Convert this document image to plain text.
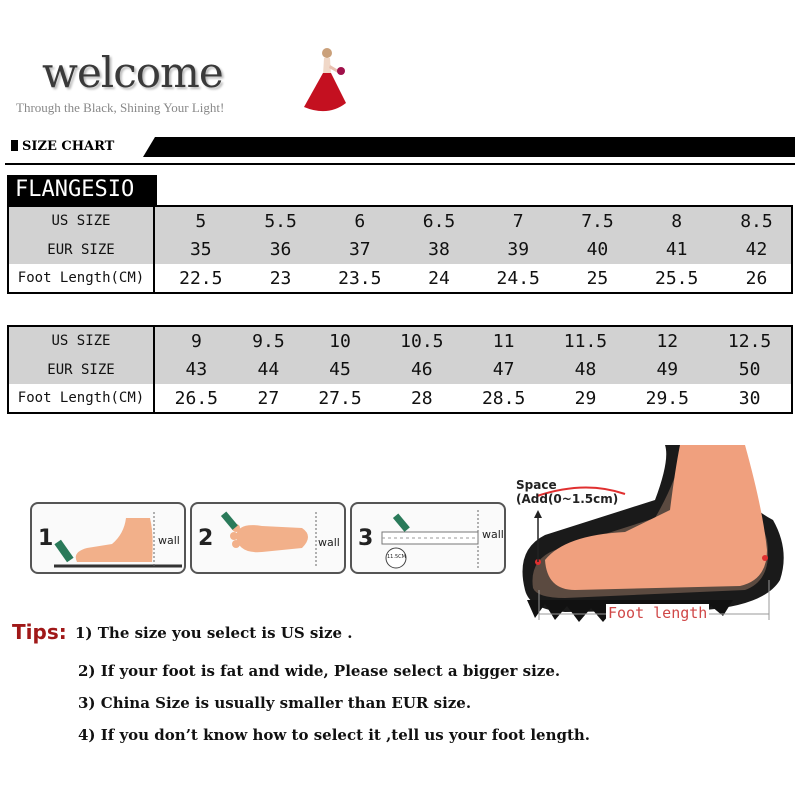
welcome
Through the Black, Shining Your Light!
SIZE CHART
FLANGESIO
US SIZE	5	5.5	6	6.5	7	7.5	8	8.5
EUR SIZE	35	36	37	38	39	40	41	42
Foot Length(CM)	22.5	23	23.5	24	24.5	25	25.5	26
US SIZE	9	9.5	10	10.5	11	11.5	12	12.5
EUR SIZE	43	44	45	46	47	48	49	50
Foot Length(CM)	26.5	27	27.5	28	28.5	29	29.5	30
1	wall 2	wall 3	wall
11.5CM
Space
(Add(0~1.5cm)
Foot length
Tips: 1) The size you select is US size .
2) If your foot is fat and wide, Please select a bigger size.
3) China Size is usually smaller than EUR size.
4) If you don’t know how to select it ,tell us your foot length.
